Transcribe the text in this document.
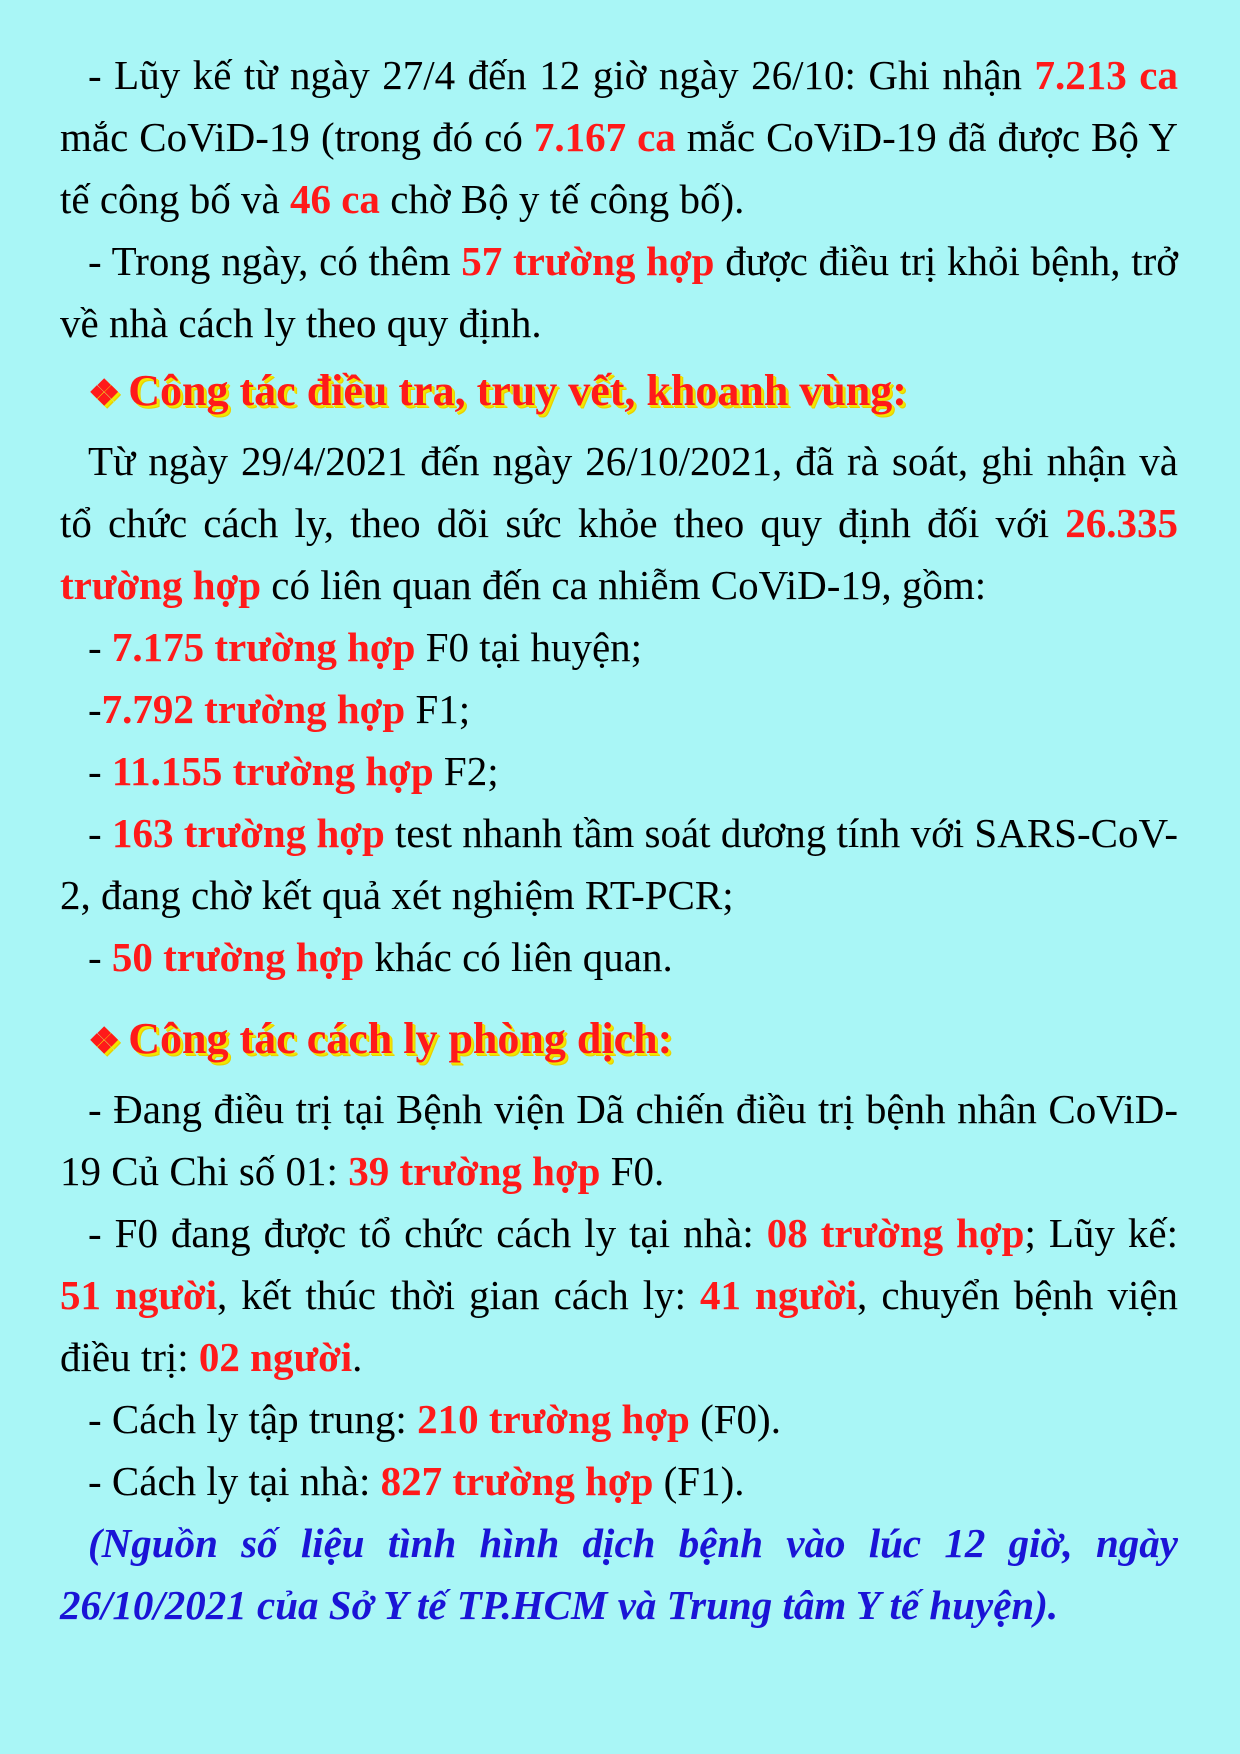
- Lũy kế từ ngày 27/4 đến 12 giờ ngày 26/10: Ghi nhận 7.213 ca mắc CoViD-19 (trong đó có 7.167 ca mắc CoViD-19 đã được Bộ Y tế công bố và 46 ca chờ Bộ y tế công bố).

- Trong ngày, có thêm 57 trường hợp được điều trị khỏi bệnh, trở về nhà cách ly theo quy định.

❖ Công tác điều tra, truy vết, khoanh vùng:

Từ ngày 29/4/2021 đến ngày 26/10/2021, đã rà soát, ghi nhận và tổ chức cách ly, theo dõi sức khỏe theo quy định đối với 26.335 trường hợp có liên quan đến ca nhiễm CoViD-19, gồm:

- 7.175 trường hợp F0 tại huyện;

-7.792 trường hợp F1;

- 11.155 trường hợp F2;

- 163 trường hợp test nhanh tầm soát dương tính với SARS-CoV-2, đang chờ kết quả xét nghiệm RT-PCR;

- 50 trường hợp khác có liên quan.

❖ Công tác cách ly phòng dịch:

- Đang điều trị tại Bệnh viện Dã chiến điều trị bệnh nhân CoViD-19 Củ Chi số 01: 39 trường hợp F0.

- F0 đang được tổ chức cách ly tại nhà: 08 trường hợp; Lũy kế: 51 người, kết thúc thời gian cách ly: 41 người, chuyển bệnh viện điều trị: 02 người.

- Cách ly tập trung: 210 trường hợp (F0).

- Cách ly tại nhà: 827 trường hợp (F1).

(Nguồn số liệu tình hình dịch bệnh vào lúc 12 giờ, ngày 26/10/2021 của Sở Y tế TP.HCM và Trung tâm Y tế huyện).
